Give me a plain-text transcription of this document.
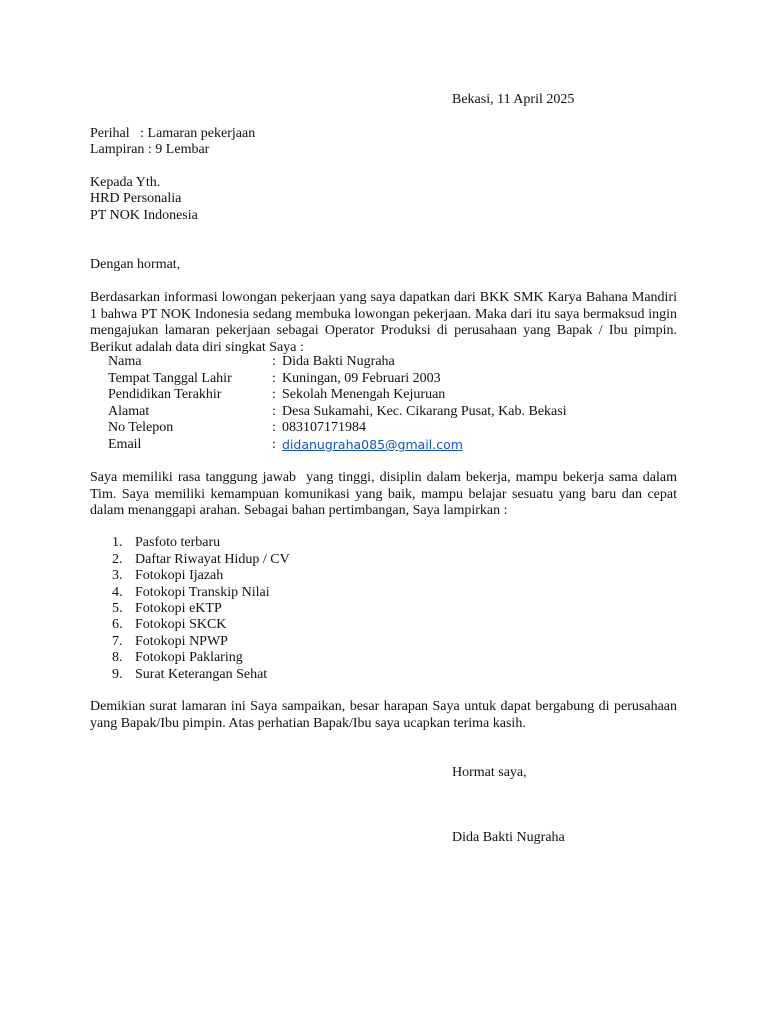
Bekasi, 11 April 2025
Perihal   : Lamaran pekerjaan
Lampiran : 9 Lembar
Kepada Yth.
HRD Personalia
PT NOK Indonesia
Dengan hormat,
Berdasarkan informasi lowongan pekerjaan yang saya dapatkan dari BKK SMK Karya Bahana Mandiri 1 bahwa PT NOK Indonesia sedang membuka lowongan pekerjaan. Maka dari itu saya bermaksud ingin mengajukan lamaran pekerjaan sebagai Operator Produksi di perusahaan yang Bapak / Ibu pimpin. Berikut adalah data diri singkat Saya :
Nama	: Dida Bakti Nugraha
Tempat Tanggal Lahir	: Kuningan, 09 Februari 2003
Pendidikan Terakhir	: Sekolah Menengah Kejuruan
Alamat	: Desa Sukamahi, Kec. Cikarang Pusat, Kab. Bekasi
No Telepon	: 083107171984
Email	: didanugraha085@gmail.com
Saya memiliki rasa tanggung jawab  yang tinggi, disiplin dalam bekerja, mampu bekerja sama dalam Tim. Saya memiliki kemampuan komunikasi yang baik, mampu belajar sesuatu yang baru dan cepat dalam menanggapi arahan. Sebagai bahan pertimbangan, Saya lampirkan :
1. Pasfoto terbaru
2. Daftar Riwayat Hidup / CV
3. Fotokopi Ijazah
4. Fotokopi Transkip Nilai
5. Fotokopi eKTP
6. Fotokopi SKCK
7. Fotokopi NPWP
8. Fotokopi Paklaring
9. Surat Keterangan Sehat
Demikian surat lamaran ini Saya sampaikan, besar harapan Saya untuk dapat bergabung di perusahaan yang Bapak/Ibu pimpin. Atas perhatian Bapak/Ibu saya ucapkan terima kasih.
Hormat saya,
Dida Bakti Nugraha
